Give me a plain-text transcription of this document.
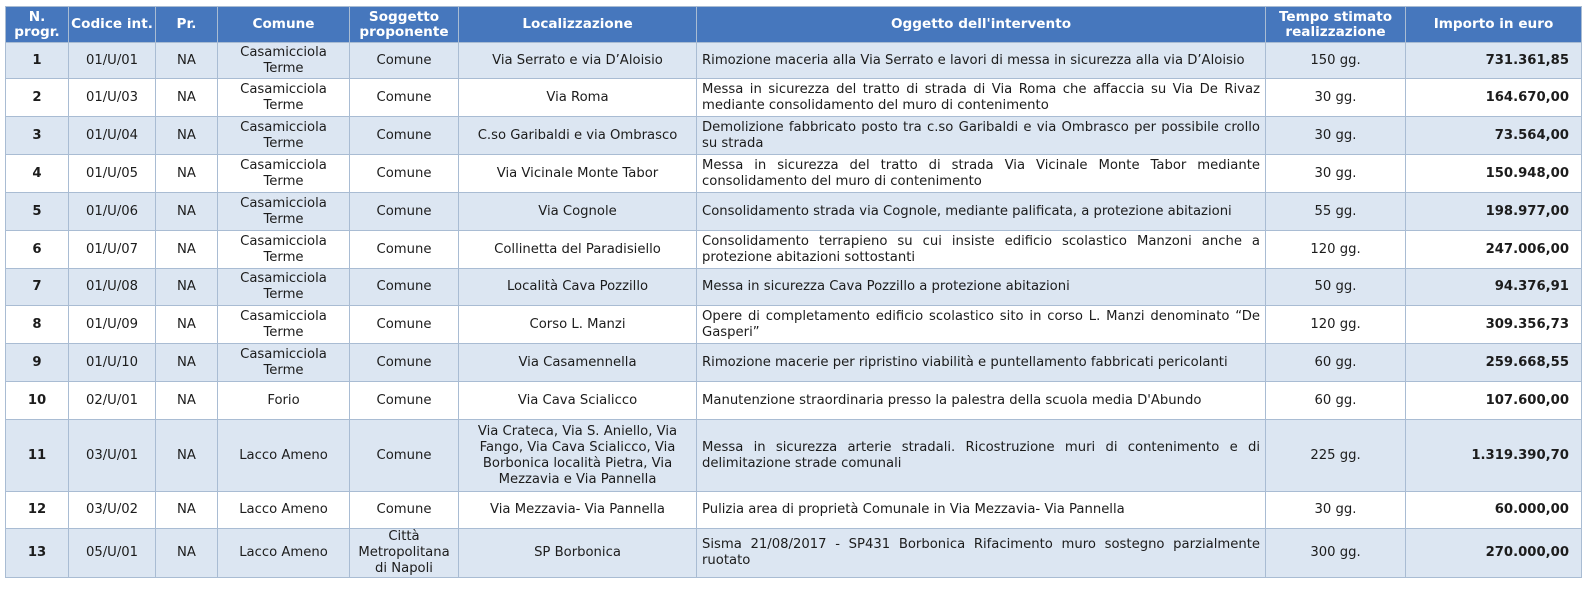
N. progr.	Codice int.	Pr.	Comune	Soggetto proponente	Localizzazione	Oggetto dell'intervento	Tempo stimato realizzazione	Importo in euro
1	01/U/01	NA	Casamicciola Terme	Comune	Via Serrato e via D’Aloisio	Rimozione maceria alla Via Serrato e lavori di messa in sicurezza alla via D’Aloisio	150 gg.	731.361,85
2	01/U/03	NA	Casamicciola Terme	Comune	Via Roma	Messa in sicurezza del tratto di strada di Via Roma che affaccia su Via De Rivaz mediante consolidamento del muro di contenimento	30 gg.	164.670,00
3	01/U/04	NA	Casamicciola Terme	Comune	C.so Garibaldi e via Ombrasco	Demolizione fabbricato posto tra c.so Garibaldi e via Ombrasco per possibile crollo su strada	30 gg.	73.564,00
4	01/U/05	NA	Casamicciola Terme	Comune	Via Vicinale Monte Tabor	Messa in sicurezza del tratto di strada Via Vicinale Monte Tabor mediante consolidamento del muro di contenimento	30 gg.	150.948,00
5	01/U/06	NA	Casamicciola Terme	Comune	Via Cognole	Consolidamento strada via Cognole, mediante palificata, a protezione abitazioni	55 gg.	198.977,00
6	01/U/07	NA	Casamicciola Terme	Comune	Collinetta del Paradisiello	Consolidamento terrapieno su cui insiste edificio scolastico Manzoni anche a protezione abitazioni sottostanti	120 gg.	247.006,00
7	01/U/08	NA	Casamicciola Terme	Comune	Località Cava Pozzillo	Messa in sicurezza Cava Pozzillo a protezione abitazioni	50 gg.	94.376,91
8	01/U/09	NA	Casamicciola Terme	Comune	Corso L. Manzi	Opere di completamento edificio scolastico sito in corso L. Manzi denominato “De Gasperi”	120 gg.	309.356,73
9	01/U/10	NA	Casamicciola Terme	Comune	Via Casamennella	Rimozione macerie per ripristino viabilità e puntellamento fabbricati pericolanti	60 gg.	259.668,55
10	02/U/01	NA	Forio	Comune	Via Cava Scialicco	Manutenzione straordinaria presso la palestra della scuola media D'Abundo	60 gg.	107.600,00
11	03/U/01	NA	Lacco Ameno	Comune	Via Crateca, Via S. Aniello, Via Fango, Via Cava Scialicco, Via Borbonica località Pietra, Via Mezzavia e Via Pannella	Messa in sicurezza arterie stradali. Ricostruzione muri di contenimento e di delimitazione strade comunali	225 gg.	1.319.390,70
12	03/U/02	NA	Lacco Ameno	Comune	Via Mezzavia- Via Pannella	Pulizia area di proprietà Comunale in Via Mezzavia- Via Pannella	30 gg.	60.000,00
13	05/U/01	NA	Lacco Ameno	Città Metropolitana di Napoli	SP Borbonica	Sisma 21/08/2017 - SP431 Borbonica Rifacimento muro sostegno parzialmente ruotato	300 gg.	270.000,00
